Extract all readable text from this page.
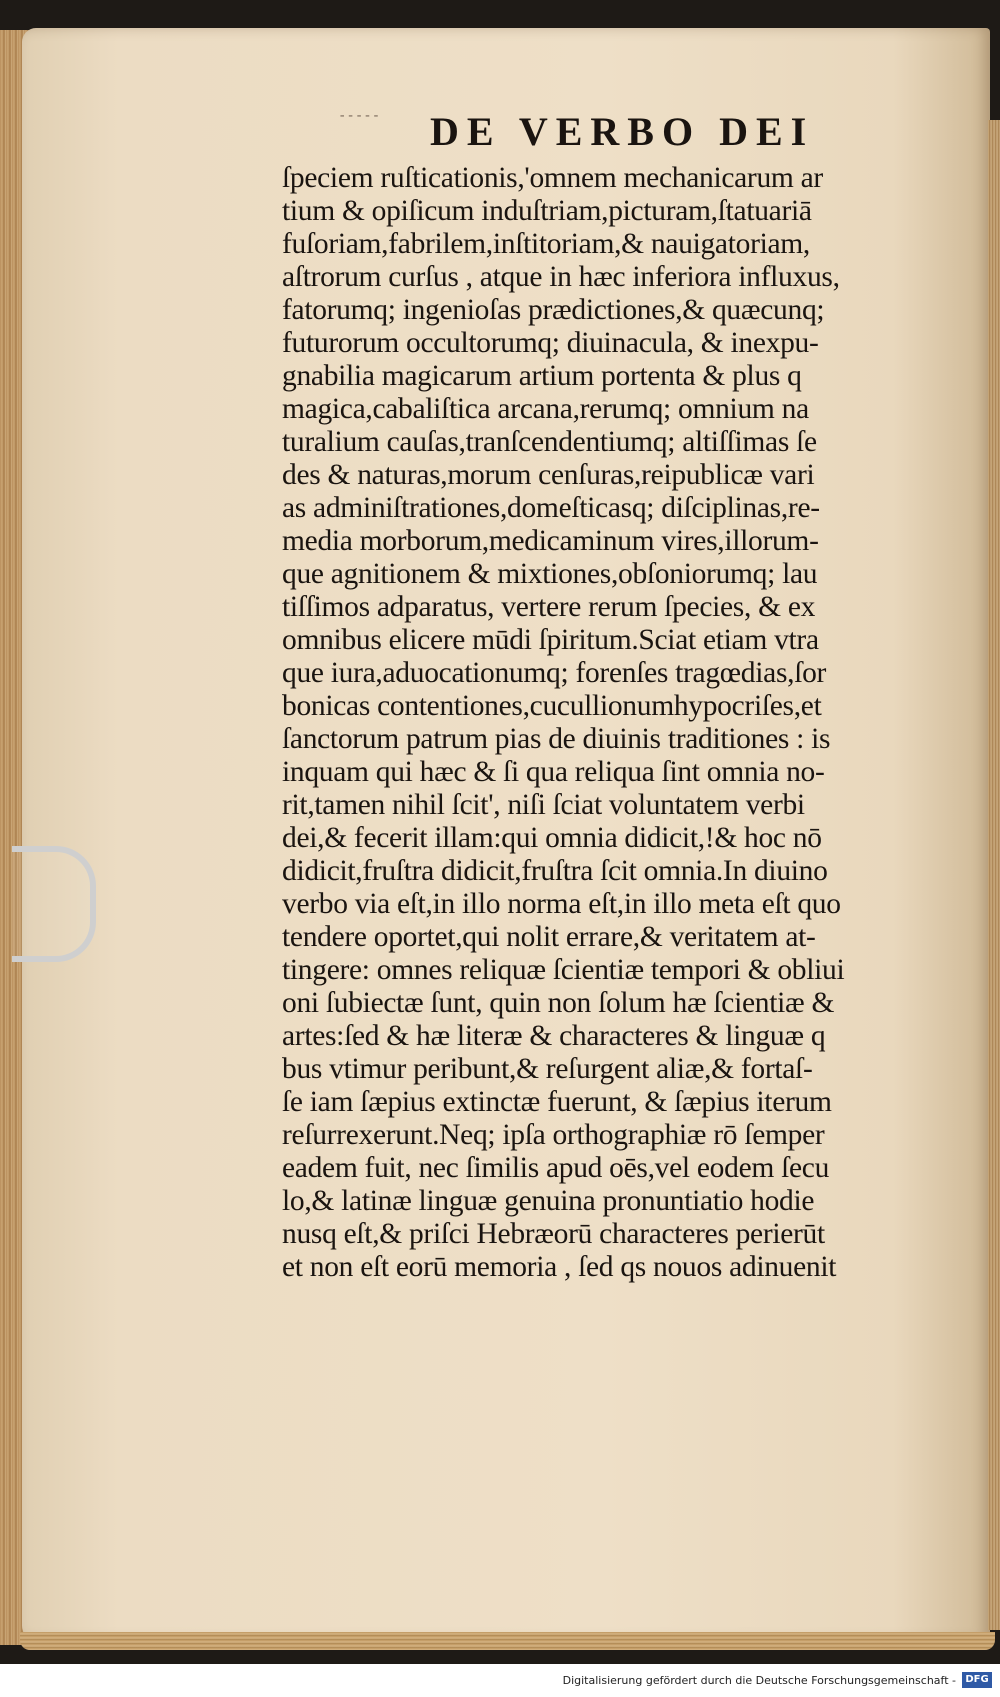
----- DE VERBO DEI
ſpeciem ruſticationis,'omnem mechanicarum ar
tium & opiſicum induſtriam,picturam,ſtatuariā
fuſoriam,fabrilem,inſtitoriam,& nauigatoriam,
aſtrorum curſus , atque in hæc inferiora influxus,
fatorumq; ingenioſas prædictiones,& quæcunq;
futurorum occultorumq; diuinacula, & inexpu-
gnabilia magicarum artium portenta & plus q
magica,cabaliſtica arcana,rerumq; omnium na
turalium cauſas,tranſcendentiumq; altiſſimas ſe
des & naturas,morum cenſuras,reipublicæ vari
as adminiſtrationes,domeſticasq; diſciplinas,re-
media morborum,medicaminum vires,illorum-
que agnitionem & mixtiones,obſoniorumq; lau
tiſſimos adparatus, vertere rerum ſpecies, & ex
omnibus elicere mūdi ſpiritum.Sciat etiam vtra
que iura,aduocationumq; forenſes tragœdias,ſor
bonicas contentiones,cucullionumhypocriſes,et
ſanctorum patrum pias de diuinis traditiones : is
inquam qui hæc & ſi qua reliqua ſint omnia no-
rit,tamen nihil ſcit', niſi ſciat voluntatem verbi
dei,& fecerit illam:qui omnia didicit,!& hoc nō
didicit,fruſtra didicit,fruſtra ſcit omnia.In diuino
verbo via eſt,in illo norma eſt,in illo meta eſt quo
tendere oportet,qui nolit errare,& veritatem at-
tingere: omnes reliquæ ſcientiæ tempori & obliui
oni ſubiectæ ſunt, quin non ſolum hæ ſcientiæ &
artes:ſed & hæ literæ & characteres & linguæ q
bus vtimur peribunt,& reſurgent aliæ,& fortaſ-
ſe iam ſæpius extinctæ fuerunt, & ſæpius iterum
reſurrexerunt.Neq; ipſa orthographiæ rō ſemper
eadem fuit, nec ſimilis apud oēs,vel eodem ſecu
lo,& latinæ linguæ genuina pronuntiatio hodie
nusq eſt,& priſci Hebræorū characteres perierūt
et non eſt eorū memoria , ſed qs nouos adinuenit
Digitalisierung gefördert durch die Deutsche Forschungsgemeinschaft - DFG
